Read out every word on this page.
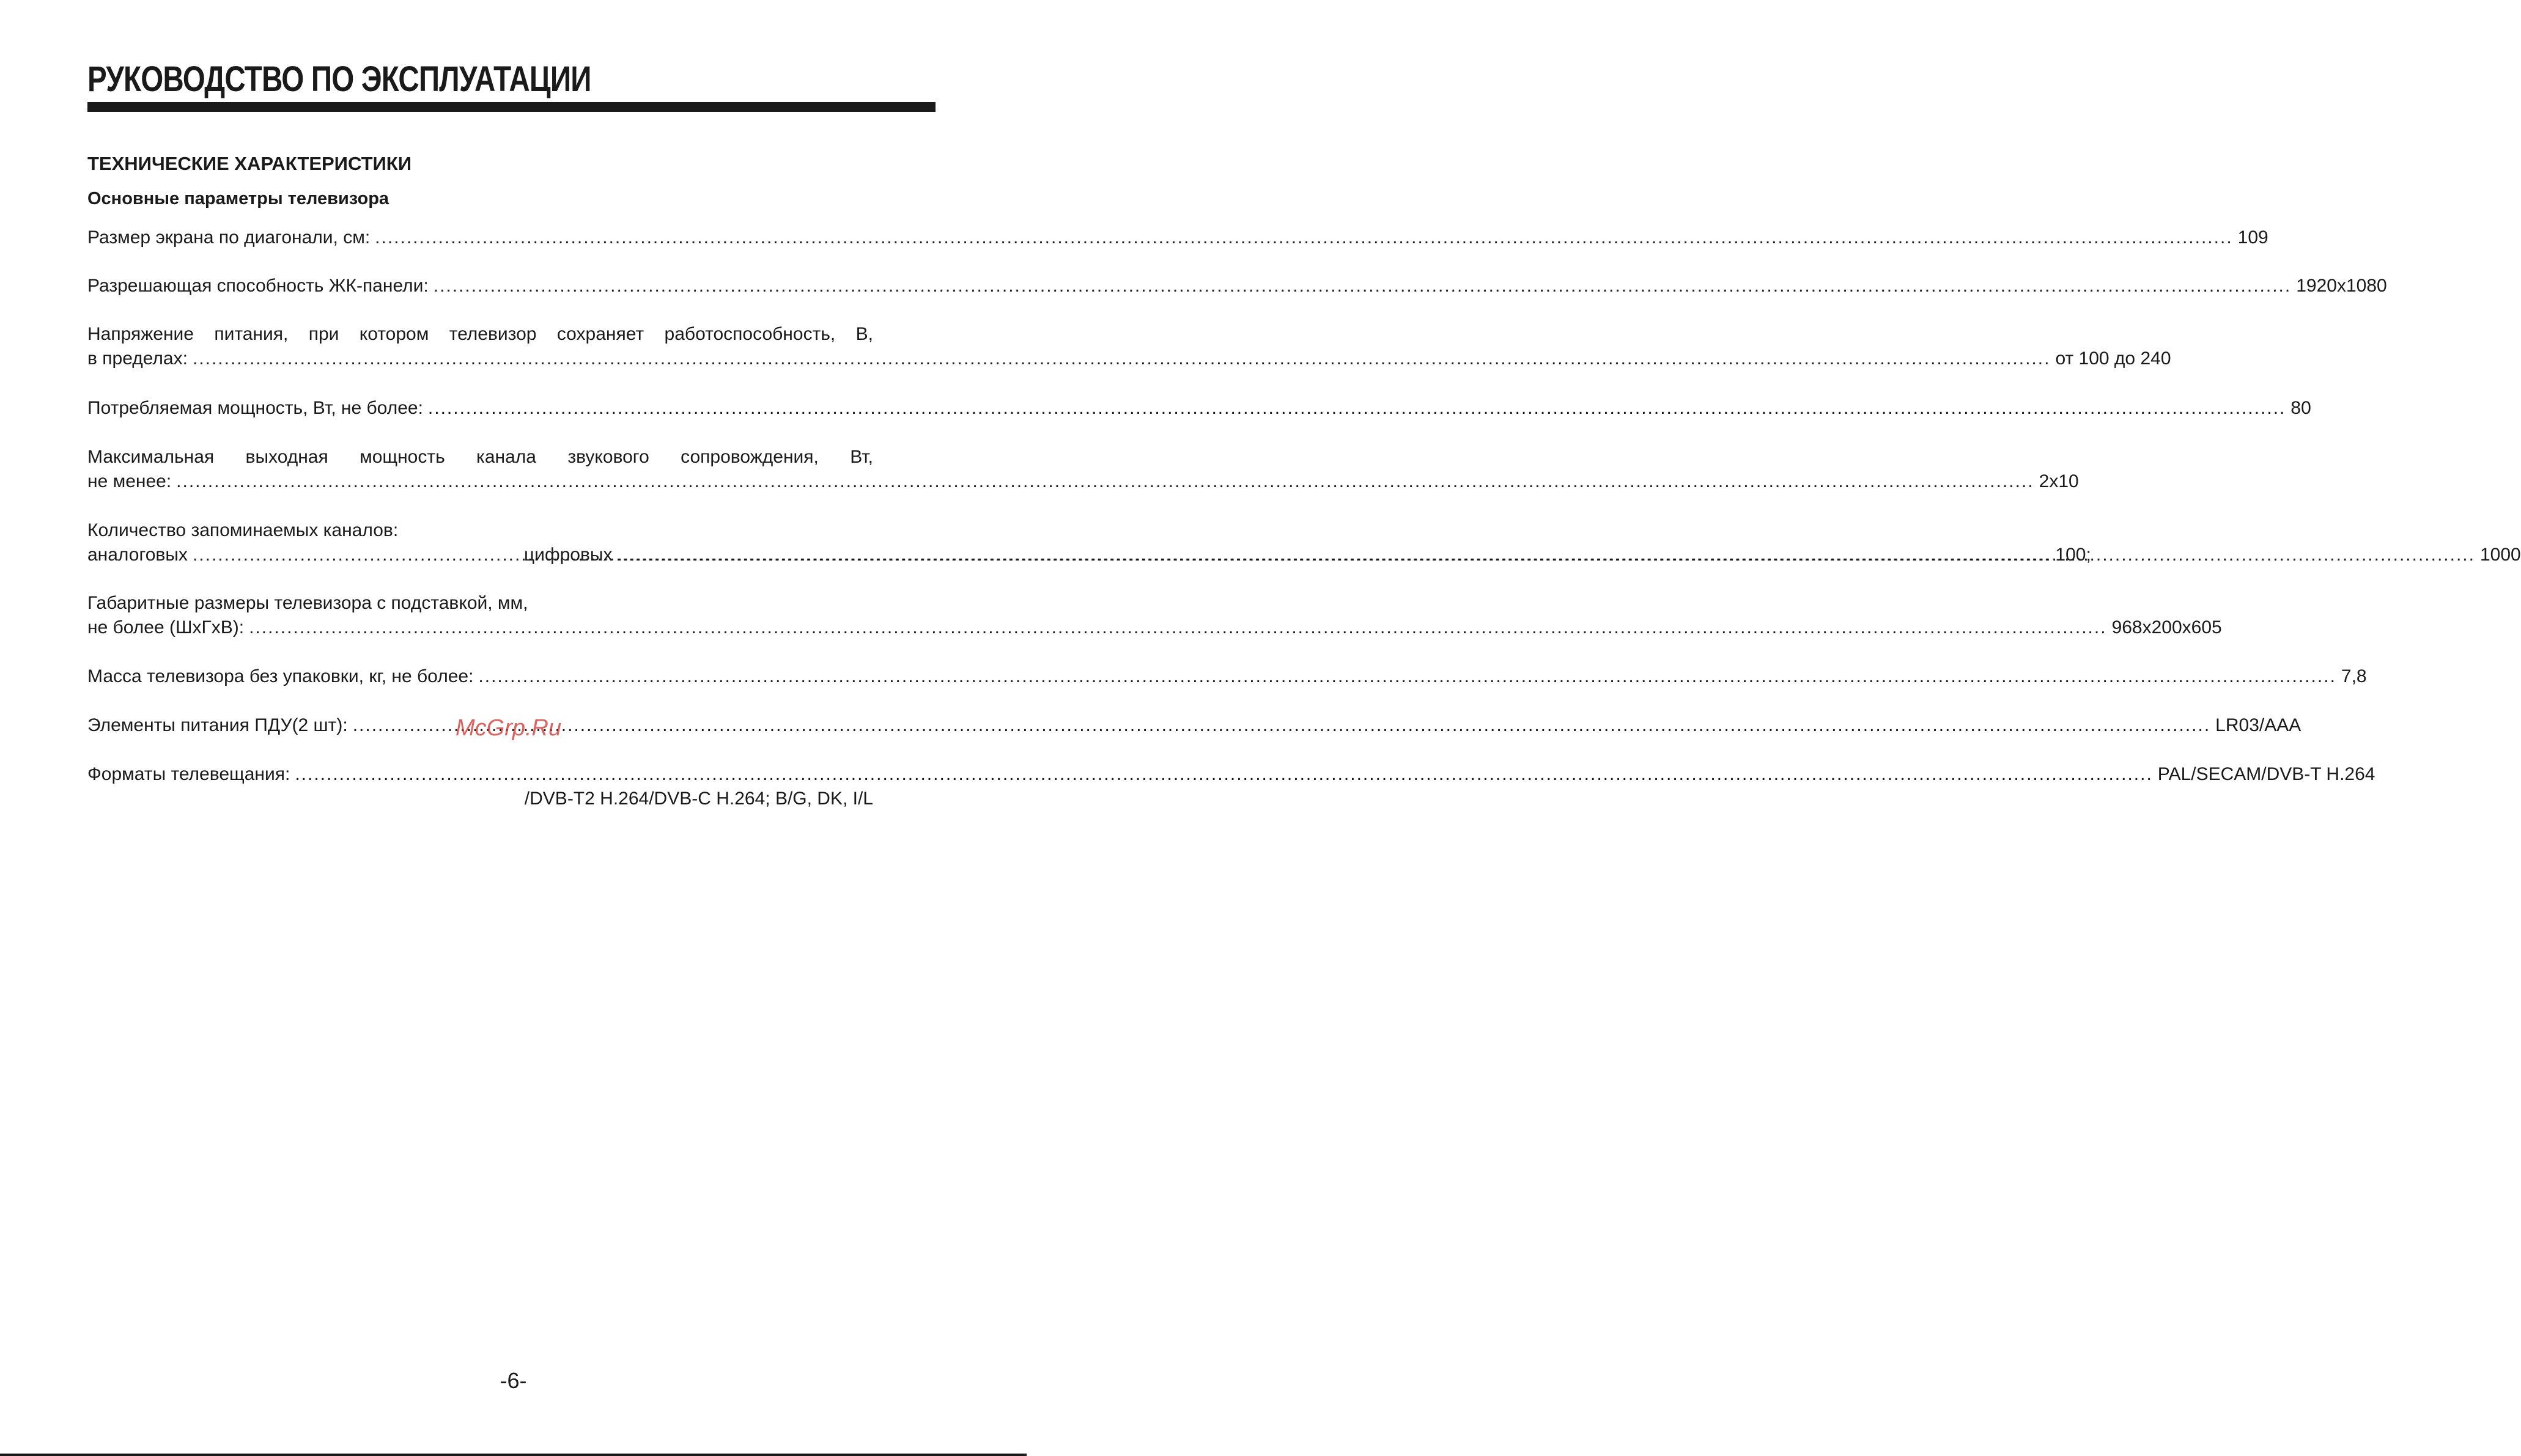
РУКОВОДСТВО ПО ЭКСПЛУАТАЦИИ
ТЕХНИЧЕСКИЕ ХАРАКТЕРИСТИКИ
Основные параметры телевизора
Размер экрана по диагонали, см: .....	109
Разрешающая способность ЖК-панели: .....	1920х1080
Напряжение питания, при котором телевизор сохраняет работоспособность, В,
в пределах: .....	от 100 до 240
Потребляемая мощность, Вт, не более: .....	80
Максимальная выходная мощность канала звукового сопровождения, Вт,
не менее: .....	2х10
Количество запоминаемых каналов:
аналоговых .....	100;
цифровых .....	1000
Габаритные размеры телевизора с подставкой, мм,
не более (ШхГхВ): .....	968х200х605
Масса телевизора без упаковки, кг, не более: .....	7,8
Элементы питания ПДУ(2 шт): .....	LR03/AAA
Форматы телевещания: .....	PAL/SECAM/DVB-T H.264
/DVB-T2 H.264/DVB-C H.264; B/G, DK, I/L
McGrp.Ru
-6-
